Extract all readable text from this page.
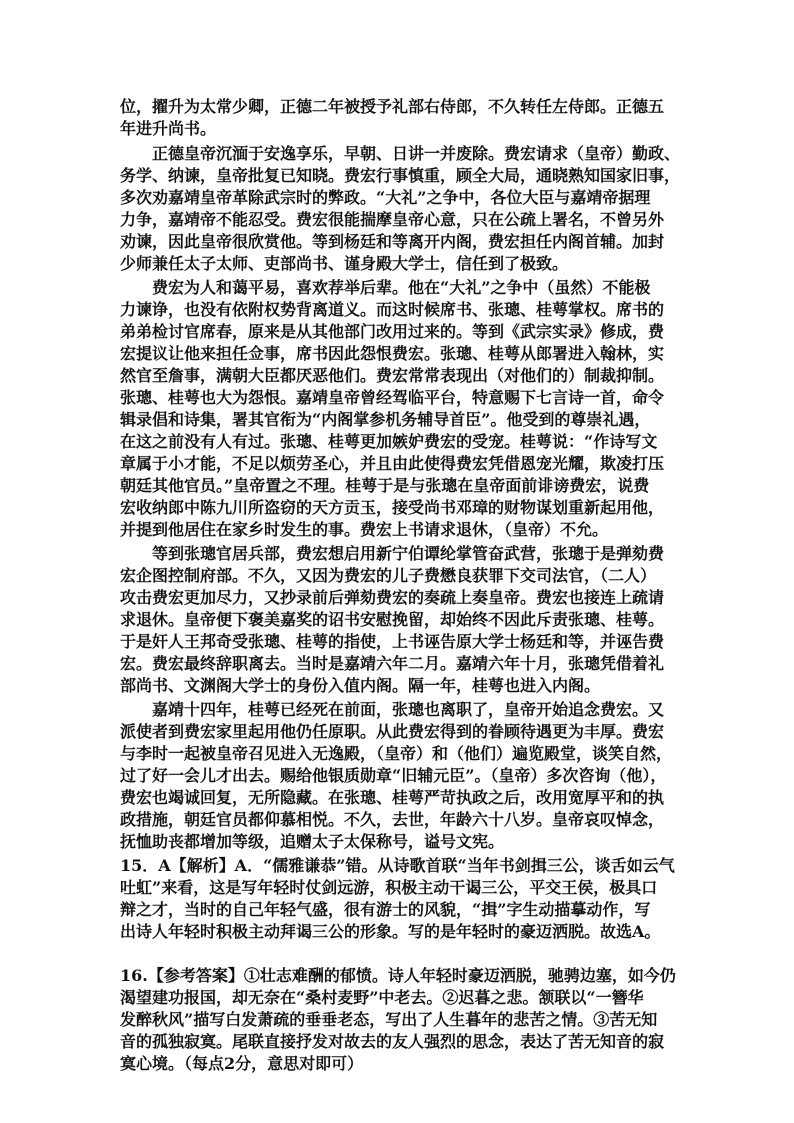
位，擢升为太常少卿，正德二年被授予礼部右侍郎，不久转任左侍郎。正德五
年进升尚书。
　　正德皇帝沉湎于安逸享乐，早朝、日讲一并废除。费宏请求（皇帝）勤政、
务学、纳谏，皇帝批复已知晓。费宏行事慎重，顾全大局，通晓熟知国家旧事，
多次劝嘉靖皇帝革除武宗时的弊政。“大礼”之争中，各位大臣与嘉靖帝据理
力争，嘉靖帝不能忍受。费宏很能揣摩皇帝心意，只在公疏上署名，不曾另外
劝谏，因此皇帝很欣赏他。等到杨廷和等离开内阁，费宏担任内阁首辅。加封
少师兼任太子太师、吏部尚书、谨身殿大学士，信任到了极致。
　　费宏为人和蔼平易，喜欢荐举后辈。他在“大礼”之争中（虽然）不能极
力谏诤，也没有依附权势背离道义。而这时候席书、张璁、桂萼掌权。席书的
弟弟检讨官席春，原来是从其他部门改用过来的。等到《武宗实录》修成，费
宏提议让他来担任佥事，席书因此怨恨费宏。张璁、桂萼从郎署进入翰林，实
然官至詹事，满朝大臣都厌恶他们。费宏常常表现出（对他们的）制裁抑制。
张璁、桂萼也大为怨恨。嘉靖皇帝曾经驾临平台，特意赐下七言诗一首，命令
辑录倡和诗集，署其官衔为“内阁掌参机务辅导首臣”。他受到的尊崇礼遇，
在这之前没有人有过。张璁、桂萼更加嫉妒费宏的受宠。桂萼说：“作诗写文
章属于小才能，不足以烦劳圣心，并且由此使得费宏凭借恩宠光耀，欺凌打压
朝廷其他官员。”皇帝置之不理。桂萼于是与张璁在皇帝面前诽谤费宏，说费
宏收纳郎中陈九川所盗窃的天方贡玉，接受尚书邓璋的财物谋划重新起用他，
并提到他居住在家乡时发生的事。费宏上书请求退休，（皇帝）不允。
　　等到张璁官居兵部，费宏想启用新宁伯谭纶掌管奋武营，张璁于是弹劾费
宏企图控制府部。不久，又因为费宏的儿子费懋良获罪下交司法官，（二人）
攻击费宏更加尽力，又抄录前后弹劾费宏的奏疏上奏皇帝。费宏也接连上疏请
求退休。皇帝便下褒美嘉奖的诏书安慰挽留，却始终不因此斥责张璁、桂萼。
于是奸人王邦奇受张璁、桂萼的指使，上书诬告原大学士杨廷和等，并诬告费
宏。费宏最终辞职离去。当时是嘉靖六年二月。嘉靖六年十月，张璁凭借着礼
部尚书、文渊阁大学士的身份入值内阁。隔一年，桂萼也进入内阁。
　　嘉靖十四年，桂萼已经死在前面，张璁也离职了，皇帝开始追念费宏。又
派使者到费宏家里起用他仍任原职。从此费宏得到的眷顾待遇更为丰厚。费宏
与李时一起被皇帝召见进入无逸殿，（皇帝）和（他们）遍览殿堂，谈笑自然，
过了好一会儿才出去。赐给他银质勋章“旧辅元臣”。（皇帝）多次咨询（他），
费宏也竭诚回复，无所隐藏。在张璁、桂萼严苛执政之后，改用宽厚平和的执
政措施，朝廷官员都仰慕相悦。不久，去世，年龄六十八岁。皇帝哀叹悼念，
抚恤助丧都增加等级，追赠太子太保称号，谥号文宪。
15．A【解析】A．“儒雅谦恭”错。从诗歌首联“当年书剑揖三公，谈舌如云气
吐虹”来看，这是写年轻时仗剑远游，积极主动干谒三公，平交王侯，极具口
辩之才，当时的自己年轻气盛，很有游士的风貌，“揖”字生动描摹动作，写
出诗人年轻时积极主动拜谒三公的形象。写的是年轻时的豪迈洒脱。故选A。
16.【参考答案】①壮志难酬的郁愤。诗人年轻时豪迈洒脱，驰骋边塞，如今仍
渴望建功报国，却无奈在“桑村麦野”中老去。②迟暮之悲。颔联以“一簪华
发醉秋风”描写白发萧疏的垂垂老态，写出了人生暮年的悲苦之情。③苦无知
音的孤独寂寞。尾联直接抒发对故去的友人强烈的思念，表达了苦无知音的寂
寞心境。（每点2分，意思对即可）
